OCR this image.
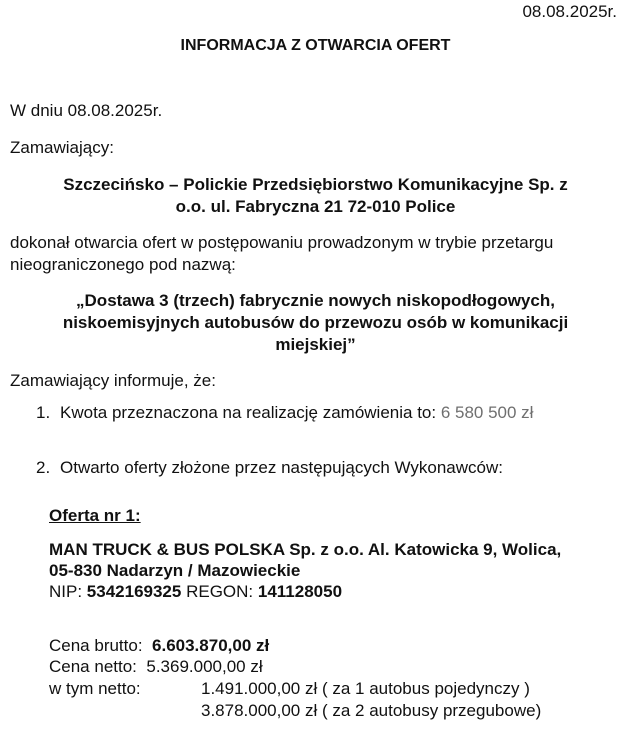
08.08.2025r.
INFORMACJA Z OTWARCIA OFERT
W dniu 08.08.2025r.
Zamawiający:
Szczecińsko – Polickie Przedsiębiorstwo Komunikacyjne Sp. z
o.o. ul. Fabryczna 21 72-010 Police
dokonał otwarcia ofert w postępowaniu prowadzonym w trybie przetargu
nieograniczonego pod nazwą:
„Dostawa 3 (trzech) fabrycznie nowych niskopodłogowych,
niskoemisyjnych autobusów do przewozu osób w komunikacji
miejskiej”
Zamawiający informuje, że:
1. Kwota przeznaczona na realizację zamówienia to: 6 580 500 zł
2. Otwarto oferty złożone przez następujących Wykonawców:
Oferta nr 1:
MAN TRUCK & BUS POLSKA Sp. z o.o. Al. Katowicka 9, Wolica,
05-830 Nadarzyn / Mazowieckie
NIP: 5342169325 REGON: 141128050
Cena brutto: 6.603.870,00 zł
Cena netto: 5.369.000,00 zł
w tym netto:	1.491.000,00 zł ( za 1 autobus pojedynczy )
3.878.000,00 zł ( za 2 autobusy przegubowe)
